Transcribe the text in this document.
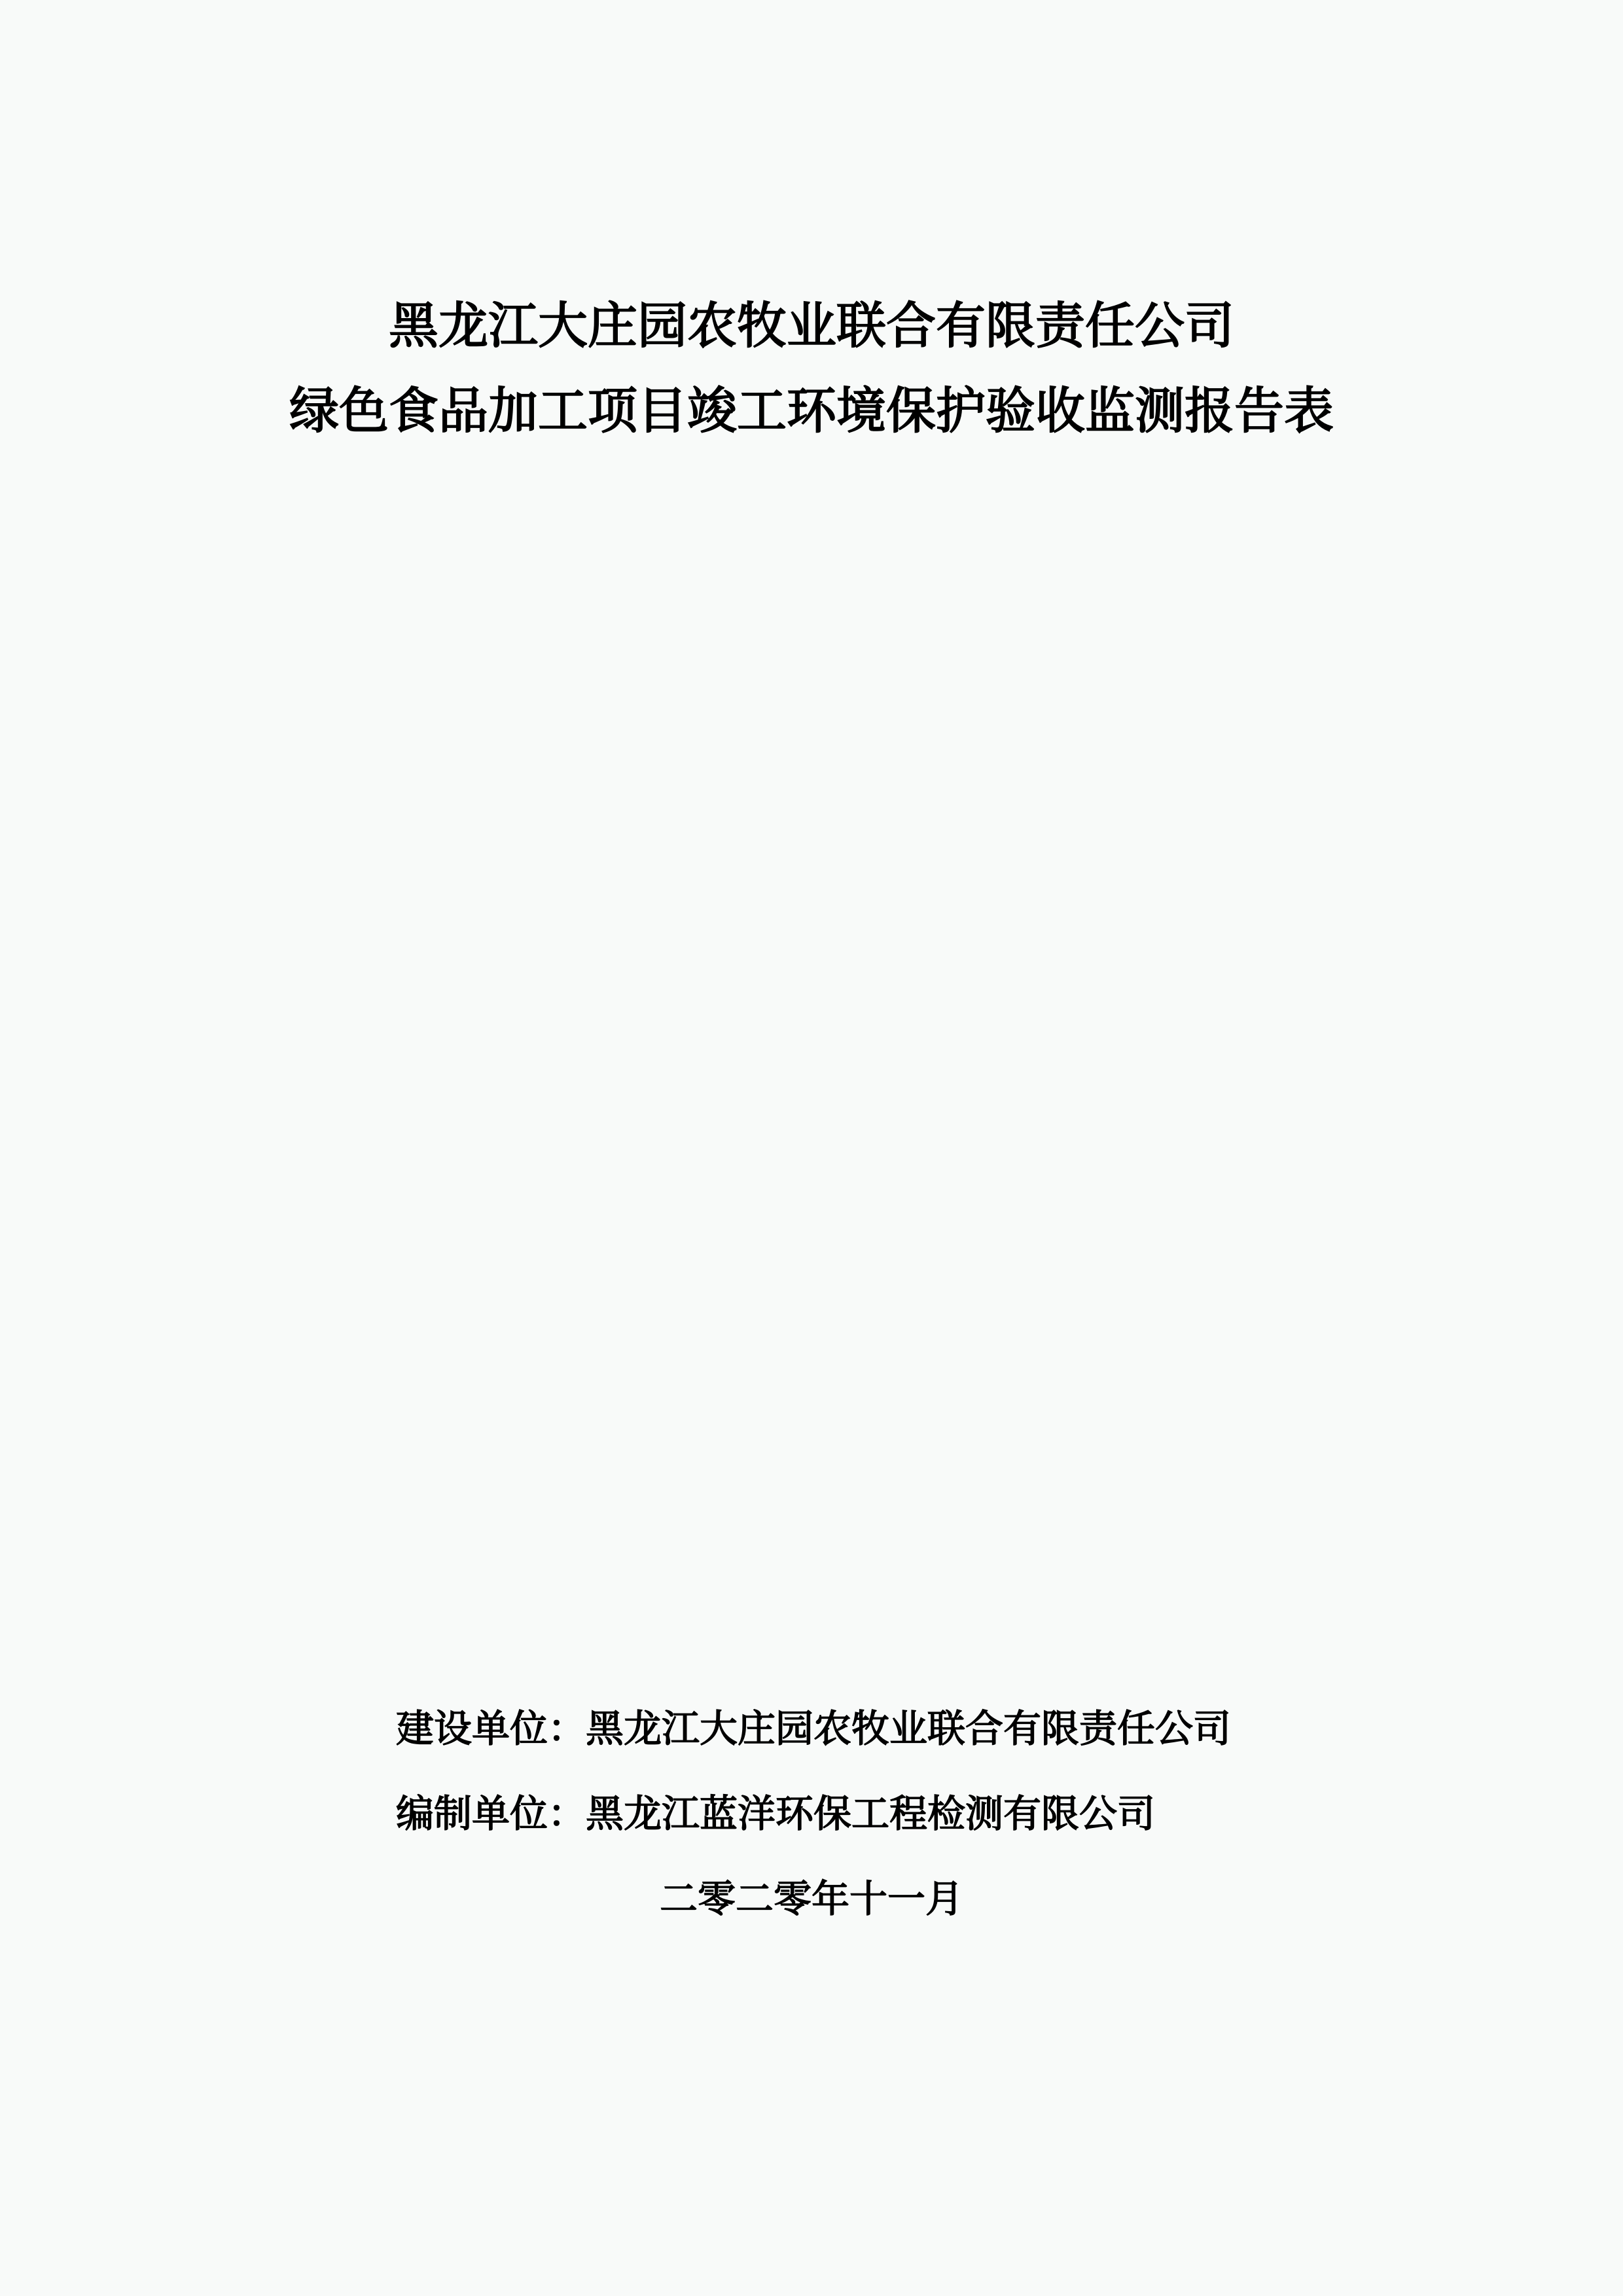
黑龙江大庄园农牧业联合有限责任公司
绿色食品加工项目竣工环境保护验收监测报告表
建设单位：黑龙江大庄园农牧业联合有限责任公司
编制单位：黑龙江蓝洋环保工程检测有限公司
二零二零年十一月
